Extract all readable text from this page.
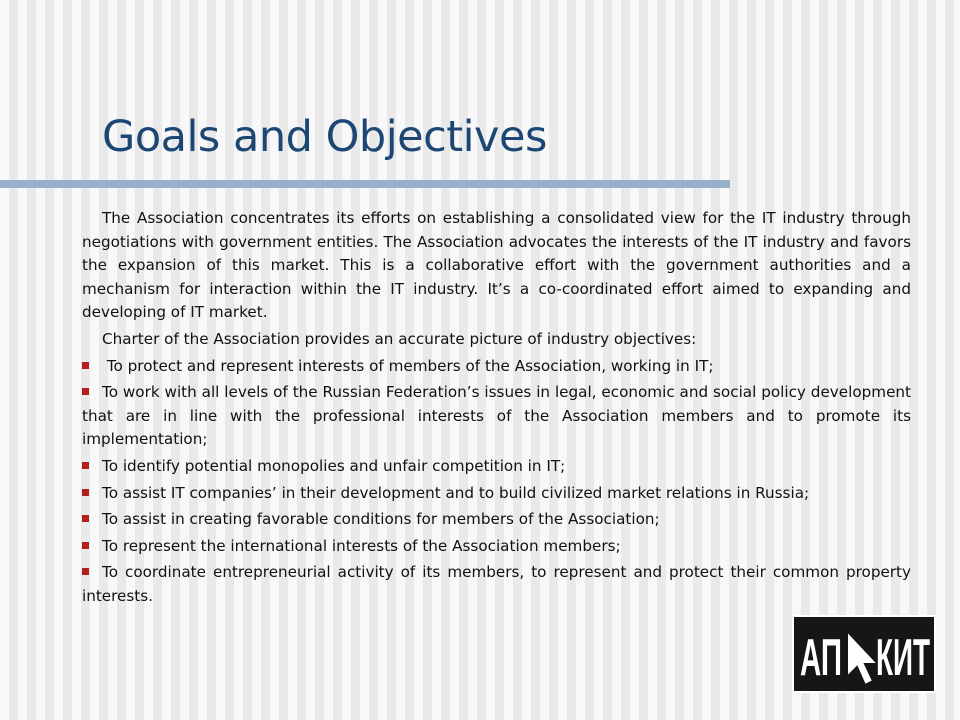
Goals and Objectives

The Association concentrates its efforts on establishing a consolidated view for the IT industry through negotiations with government entities. The Association advocates the interests of the IT industry and favors the expansion of this market. This is a collaborative effort with the government authorities and a mechanism for interaction within the IT industry. It’s a co-coordinated effort aimed to expanding and developing of IT market.

Charter of the Association provides an accurate picture of industry objectives:

To protect and represent interests of members of the Association, working in IT;
To work with all levels of the Russian Federation’s issues in legal, economic and social policy development that are in line with the professional interests of the Association members and to promote its implementation;
To identify potential monopolies and unfair competition in IT;
To assist IT companies’ in their development and to build civilized market relations in Russia;
To assist in creating favorable conditions for members of the Association;
To represent the international interests of the Association members;
To coordinate entrepreneurial activity of its members, to represent and protect their common property interests.
АП КИТ
